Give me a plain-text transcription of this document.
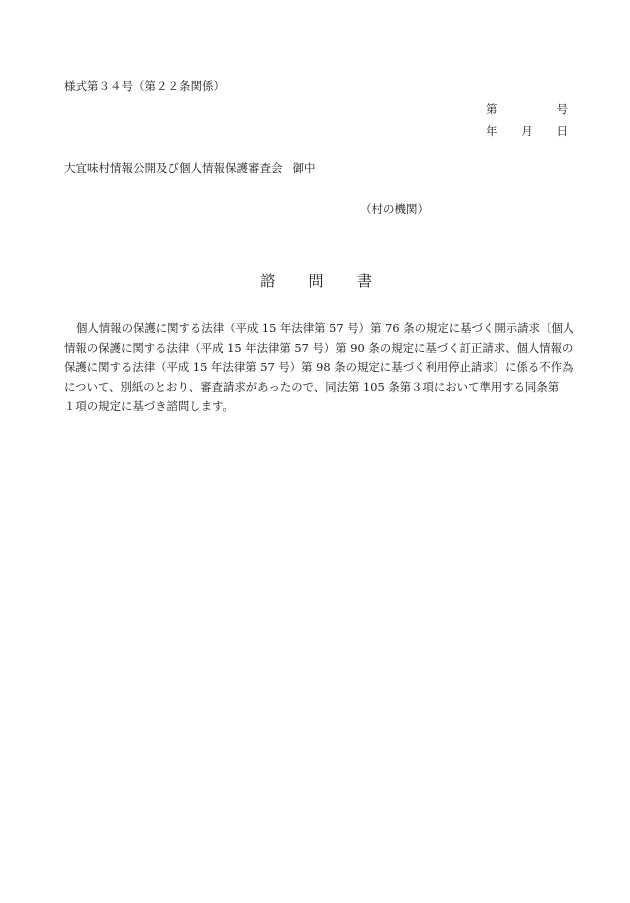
様式第３４号（第２２条関係）
第	号
年 月 日
大宜味村情報公開及び個人情報保護審査会 御中
（村の機関）
諮 問 書
個人情報の保護に関する法律（平成 15 年法律第 57 号）第 76 条の規定に基づく開示請求〔個人
情報の保護に関する法律（平成 15 年法律第 57 号）第 90 条の規定に基づく訂正請求、個人情報の
保護に関する法律（平成 15 年法律第 57 号）第 98 条の規定に基づく利用停止請求〕に係る不作為
について、別紙のとおり、審査請求があったので、同法第 105 条第３項において準用する同条第
１項の規定に基づき諮問します。
